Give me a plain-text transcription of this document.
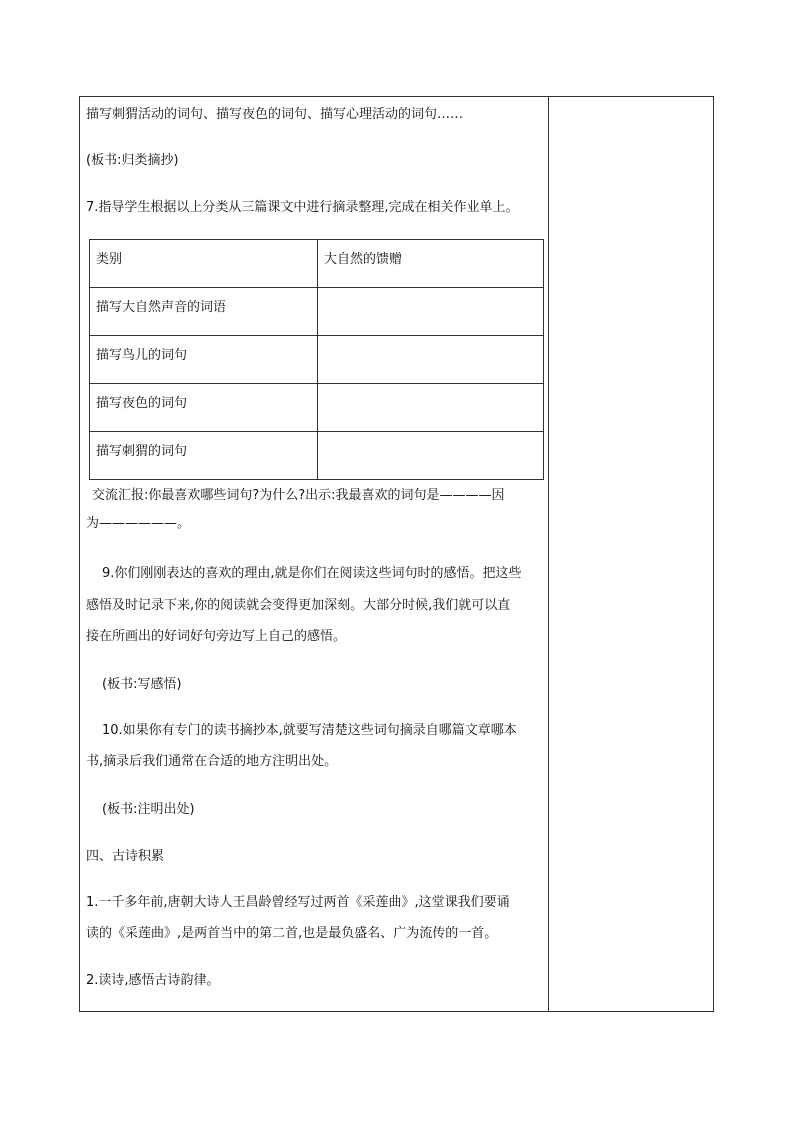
描写刺猬活动的词句、描写夜色的词句、描写心理活动的词句……
(板书:归类摘抄)
7.指导学生根据以上分类从三篇课文中进行摘录整理,完成在相关作业单上。
类别	大自然的馈赠
描写大自然声音的词语	
描写鸟儿的词句	
描写夜色的词句	
描写刺猬的词句	
交流汇报:你最喜欢哪些词句?为什么?出示:我最喜欢的词句是————因
为——————。
9.你们刚刚表达的喜欢的理由,就是你们在阅读这些词句时的感悟。把这些
感悟及时记录下来,你的阅读就会变得更加深刻。大部分时候,我们就可以直
接在所画出的好词好句旁边写上自己的感悟。
(板书:写感悟)
10.如果你有专门的读书摘抄本,就要写清楚这些词句摘录自哪篇文章哪本
书,摘录后我们通常在合适的地方注明出处。
(板书:注明出处)
四、古诗积累
1.一千多年前,唐朝大诗人王昌龄曾经写过两首《采莲曲》,这堂课我们要诵
读的《采莲曲》,是两首当中的第二首,也是最负盛名、广为流传的一首。
2.读诗,感悟古诗韵律。
